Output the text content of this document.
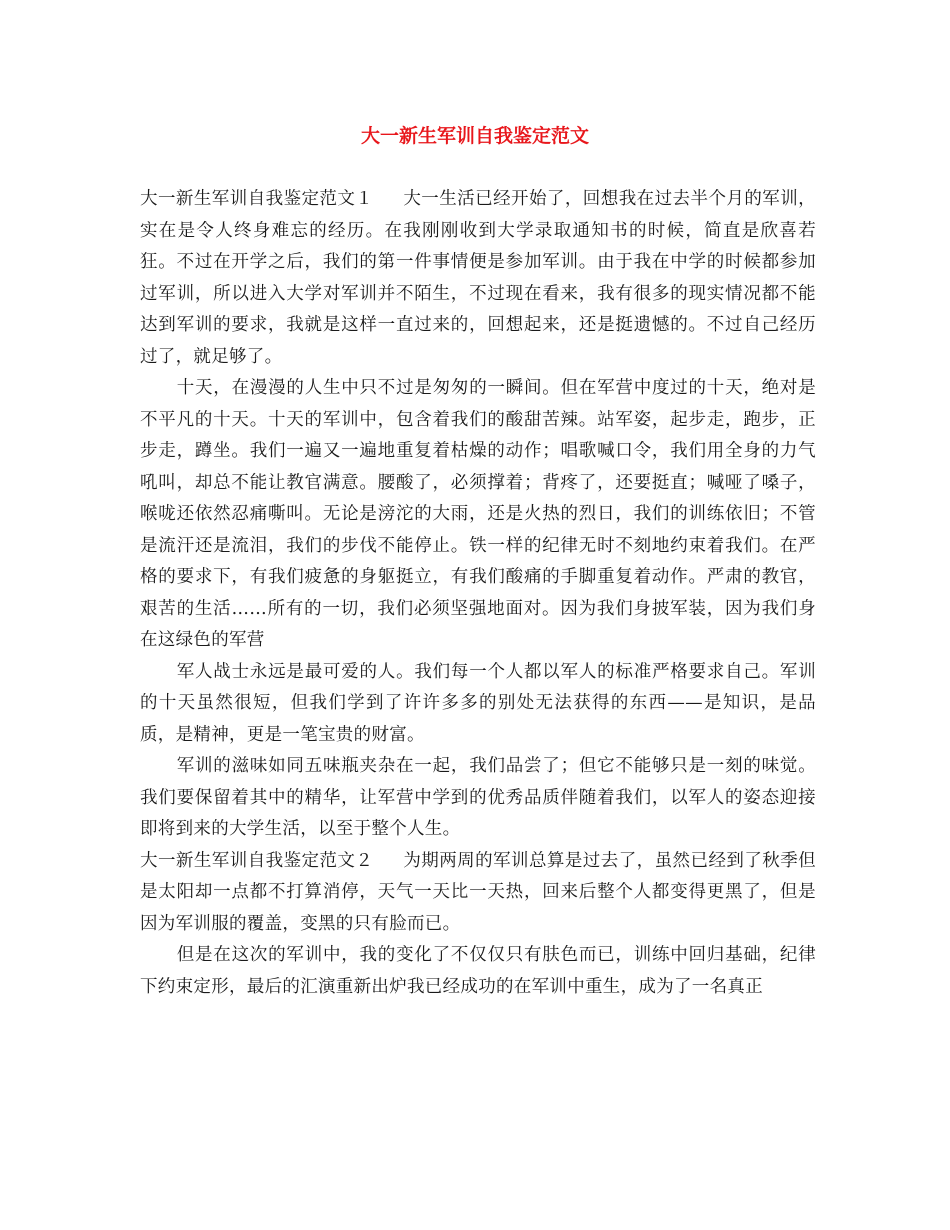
大一新生军训自我鉴定范文

大一新生军训自我鉴定范文１ 大一生活已经开始了，回想我在过去半个月的军训，实在是令人终身难忘的经历。在我刚刚收到大学录取通知书的时候，简直是欣喜若狂。不过在开学之后，我们的第一件事情便是参加军训。由于我在中学的时候都参加过军训，所以进入大学对军训并不陌生，不过现在看来，我有很多的现实情况都不能达到军训的要求，我就是这样一直过来的，回想起来，还是挺遗憾的。不过自己经历过了，就足够了。

十天，在漫漫的人生中只不过是匆匆的一瞬间。但在军营中度过的十天，绝对是不平凡的十天。十天的军训中，包含着我们的酸甜苦辣。站军姿，起步走，跑步，正步走，蹲坐。我们一遍又一遍地重复着枯燥的动作；唱歌喊口令，我们用全身的力气吼叫，却总不能让教官满意。腰酸了，必须撑着；背疼了，还要挺直；喊哑了嗓子，喉咙还依然忍痛嘶叫。无论是滂沱的大雨，还是火热的烈日，我们的训练依旧；不管是流汗还是流泪，我们的步伐不能停止。铁一样的纪律无时不刻地约束着我们。在严格的要求下，有我们疲惫的身躯挺立，有我们酸痛的手脚重复着动作。严肃的教官，艰苦的生活……所有的一切，我们必须坚强地面对。因为我们身披军装，因为我们身在这绿色的军营

军人战士永远是最可爱的人。我们每一个人都以军人的标准严格要求自己。军训的十天虽然很短，但我们学到了许许多多的别处无法获得的东西——是知识，是品质，是精神，更是一笔宝贵的财富。

军训的滋味如同五味瓶夹杂在一起，我们品尝了；但它不能够只是一刻的味觉。我们要保留着其中的精华，让军营中学到的优秀品质伴随着我们，以军人的姿态迎接即将到来的大学生活，以至于整个人生。

大一新生军训自我鉴定范文２ 为期两周的军训总算是过去了，虽然已经到了秋季但是太阳却一点都不打算消停，天气一天比一天热，回来后整个人都变得更黑了，但是因为军训服的覆盖，变黑的只有脸而已。

但是在这次的军训中，我的变化了不仅仅只有肤色而已，训练中回归基础，纪律下约束定形，最后的汇演重新出炉我已经成功的在军训中重生，成为了一名真正
